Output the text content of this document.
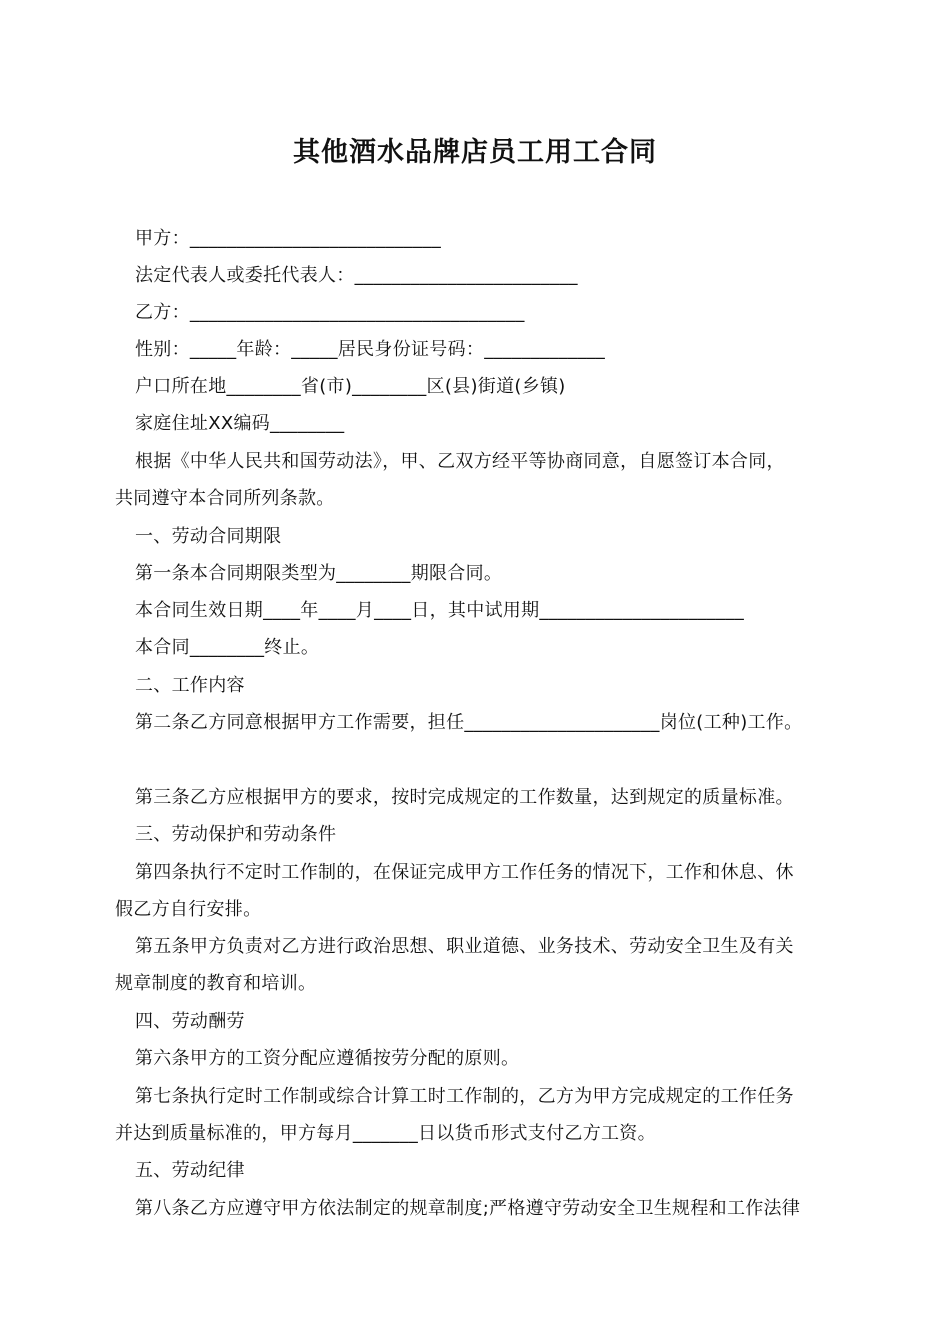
其他酒水品牌店员工用工合同
甲方：___________________________
法定代表人或委托代表人：________________________
乙方：____________________________________
性别：_____年龄：_____居民身份证号码：_____________
户口所在地________省(市)________区(县)街道(乡镇)
家庭住址XX编码________
根据《中华人民共和国劳动法》，甲、乙双方经平等协商同意，自愿签订本合同，
共同遵守本合同所列条款。
一、劳动合同期限
第一条本合同期限类型为________期限合同。
本合同生效日期____年____月____日，其中试用期______________________
本合同________终止。
二、工作内容
第二条乙方同意根据甲方工作需要，担任_____________________岗位(工种)工作。
第三条乙方应根据甲方的要求，按时完成规定的工作数量，达到规定的质量标准。
三、劳动保护和劳动条件
第四条执行不定时工作制的，在保证完成甲方工作任务的情况下，工作和休息、休
假乙方自行安排。
第五条甲方负责对乙方进行政治思想、职业道德、业务技术、劳动安全卫生及有关
规章制度的教育和培训。
四、劳动酬劳
第六条甲方的工资分配应遵循按劳分配的原则。
第七条执行定时工作制或综合计算工时工作制的，乙方为甲方完成规定的工作任务
并达到质量标准的，甲方每月_______日以货币形式支付乙方工资。
五、劳动纪律
第八条乙方应遵守甲方依法制定的规章制度;严格遵守劳动安全卫生规程和工作法律
